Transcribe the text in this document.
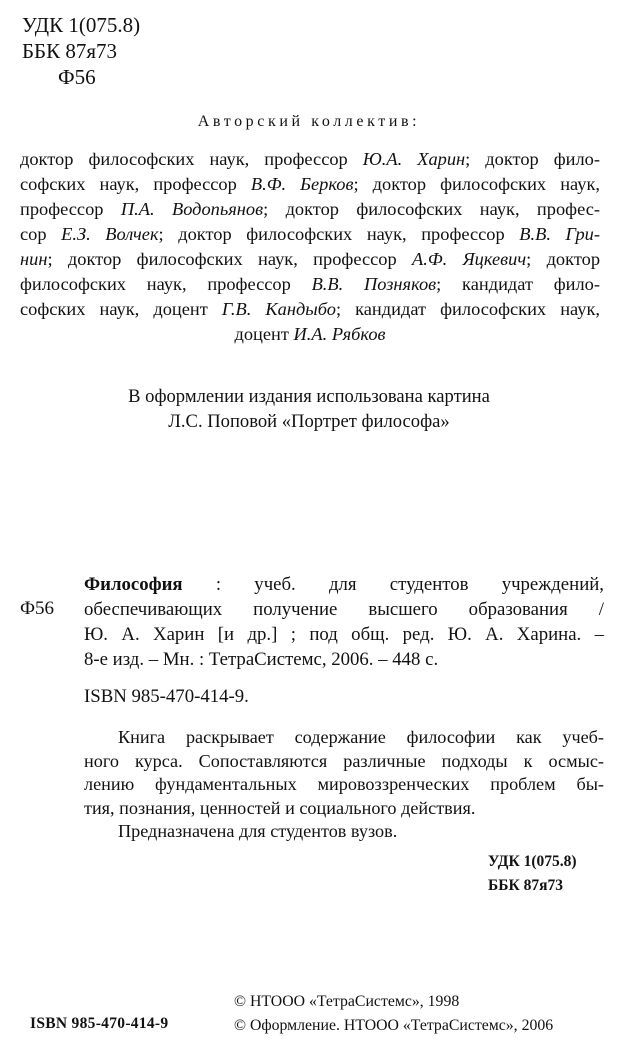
УДК 1(075.8)
ББК 87я73
Ф56
Авторский коллектив:
доктор философских наук, профессор Ю.А. Харин; доктор фило-
софских наук, профессор В.Ф. Берков; доктор философских наук,
профессор П.А. Водопьянов; доктор философских наук, профес-
сор Е.З. Волчек; доктор философских наук, профессор В.В. Гри-
нин; доктор философских наук, профессор А.Ф. Яцкевич; доктор
философских наук, профессор В.В. Позняков; кандидат фило-
софских наук, доцент Г.В. Кандыбо; кандидат философских наук,
доцент И.А. Рябков
В оформлении издания использована картина
Л.С. Поповой «Портрет философа»
Ф56
Философия : учеб. для студентов учреждений,
обеспечивающих получение высшего образования /
Ю. А. Харин [и др.] ; под общ. ред. Ю. А. Харина. –
8-е изд. – Мн. : ТетраСистемс, 2006. – 448 с.
ISBN 985-470-414-9.
Книга раскрывает содержание философии как учеб-
ного курса. Сопоставляются различные подходы к осмыс-
лению фундаментальных мировоззренческих проблем бы-
тия, познания, ценностей и социального действия.
Предназначена для студентов вузов.
УДК 1(075.8)
ББК 87я73
ISBN 985-470-414-9
© НТООО «ТетраСистемс», 1998
© Оформление. НТООО «ТетраСистемс», 2006
